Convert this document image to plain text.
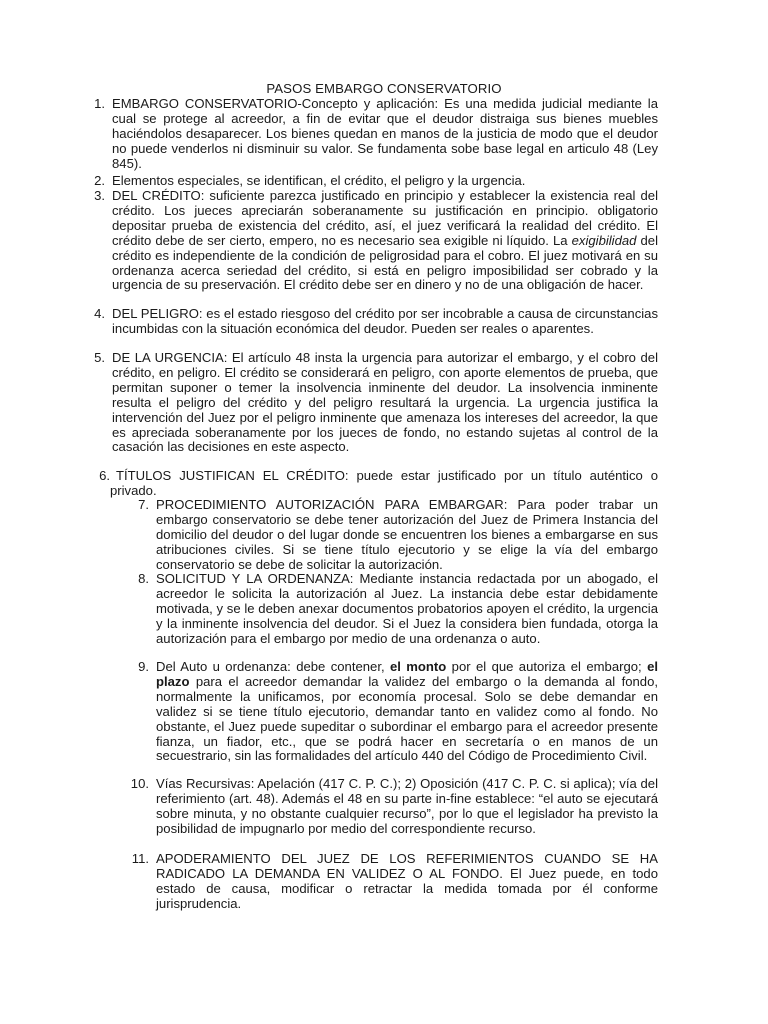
PASOS EMBARGO CONSERVATORIO
1. EMBARGO CONSERVATORIO-Concepto y aplicación: Es una medida judicial mediante la cual se protege al acreedor, a fin de evitar que el deudor distraiga sus bienes muebles haciéndolos desaparecer. Los bienes quedan en manos de la justicia de modo que el deudor no puede venderlos ni disminuir su valor. Se fundamenta sobe base legal en articulo 48 (Ley 845).
2. Elementos especiales, se identifican, el crédito, el peligro y la urgencia.
3. DEL CRÉDITO: suficiente parezca justificado en principio y establecer la existencia real del crédito. Los jueces apreciarán soberanamente su justificación en principio. obligatorio depositar prueba de existencia del crédito, así, el juez verificará la realidad del crédito. El crédito debe de ser cierto, empero, no es necesario sea exigible ni líquido. La exigibilidad del crédito es independiente de la condición de peligrosidad para el cobro. El juez motivará en su ordenanza acerca seriedad del crédito, si está en peligro imposibilidad ser cobrado y la urgencia de su preservación. El crédito debe ser en dinero y no de una obligación de hacer.
4. DEL PELIGRO: es el estado riesgoso del crédito por ser incobrable a causa de circunstancias incumbidas con la situación económica del deudor. Pueden ser reales o aparentes.
5. DE LA URGENCIA: El artículo 48 insta la urgencia para autorizar el embargo, y el cobro del crédito, en peligro. El crédito se considerará en peligro, con aporte elementos de prueba, que permitan suponer o temer la insolvencia inminente del deudor. La insolvencia inminente resulta el peligro del crédito y del peligro resultará la urgencia. La urgencia justifica la intervención del Juez por el peligro inminente que amenaza los intereses del acreedor, la que es apreciada soberanamente por los jueces de fondo, no estando sujetas al control de la casación las decisiones en este aspecto.
6. TÍTULOS JUSTIFICAN EL CRÉDITO: puede estar justificado por un título auténtico o privado.
7. PROCEDIMIENTO AUTORIZACIÓN PARA EMBARGAR: Para poder trabar un embargo conservatorio se debe tener autorización del Juez de Primera Instancia del domicilio del deudor o del lugar donde se encuentren los bienes a embargarse en sus atribuciones civiles. Si se tiene título ejecutorio y se elige la vía del embargo conservatorio se debe de solicitar la autorización.
8. SOLICITUD Y LA ORDENANZA: Mediante instancia redactada por un abogado, el acreedor le solicita la autorización al Juez. La instancia debe estar debidamente motivada, y se le deben anexar documentos probatorios apoyen el crédito, la urgencia y la inminente insolvencia del deudor. Si el Juez la considera bien fundada, otorga la autorización para el embargo por medio de una ordenanza o auto.
9. Del Auto u ordenanza: debe contener, el monto por el que autoriza el embargo; el plazo para el acreedor demandar la validez del embargo o la demanda al fondo, normalmente la unificamos, por economía procesal. Solo se debe demandar en validez si se tiene título ejecutorio, demandar tanto en validez como al fondo. No obstante, el Juez puede supeditar o subordinar el embargo para el acreedor presente fianza, un fiador, etc., que se podrá hacer en secretaría o en manos de un secuestrario, sin las formalidades del artículo 440 del Código de Procedimiento Civil.
10. Vías Recursivas: Apelación (417 C. P. C.); 2) Oposición (417 C. P. C. si aplica); vía del referimiento (art. 48). Además el 48 en su parte in-fine establece: “el auto se ejecutará sobre minuta, y no obstante cualquier recurso”, por lo que el legislador ha previsto la posibilidad de impugnarlo por medio del correspondiente recurso.
11. APODERAMIENTO DEL JUEZ DE LOS REFERIMIENTOS CUANDO SE HA RADICADO LA DEMANDA EN VALIDEZ O AL FONDO. El Juez puede, en todo estado de causa, modificar o retractar la medida tomada por él conforme jurisprudencia.
